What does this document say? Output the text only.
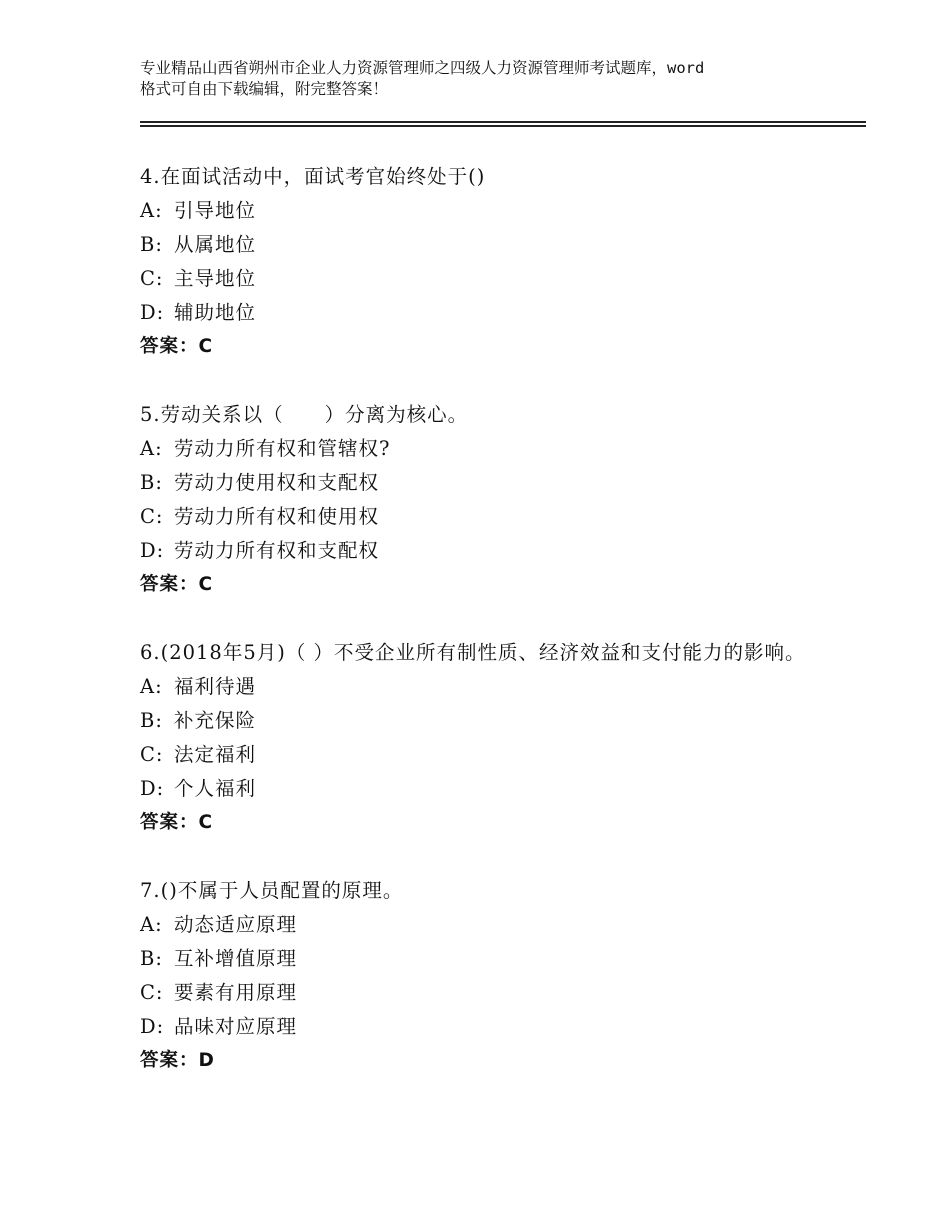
专业精品山西省朔州市企业人力资源管理师之四级人力资源管理师考试题库，word
格式可自由下载编辑，附完整答案！
4.在面试活动中，面试考官始终处于()
A: 引导地位
B: 从属地位
C: 主导地位
D: 辅助地位
答案：C
5.劳动关系以（　　）分离为核心。
A: 劳动力所有权和管辖权?
B: 劳动力使用权和支配权
C: 劳动力所有权和使用权
D: 劳动力所有权和支配权
答案：C
6.(2018年5月)（ ）不受企业所有制性质、经济效益和支付能力的影响。
A: 福利待遇
B: 补充保险
C: 法定福利
D: 个人福利
答案：C
7.()不属于人员配置的原理。
A: 动态适应原理
B: 互补增值原理
C: 要素有用原理
D: 品味对应原理
答案：D
